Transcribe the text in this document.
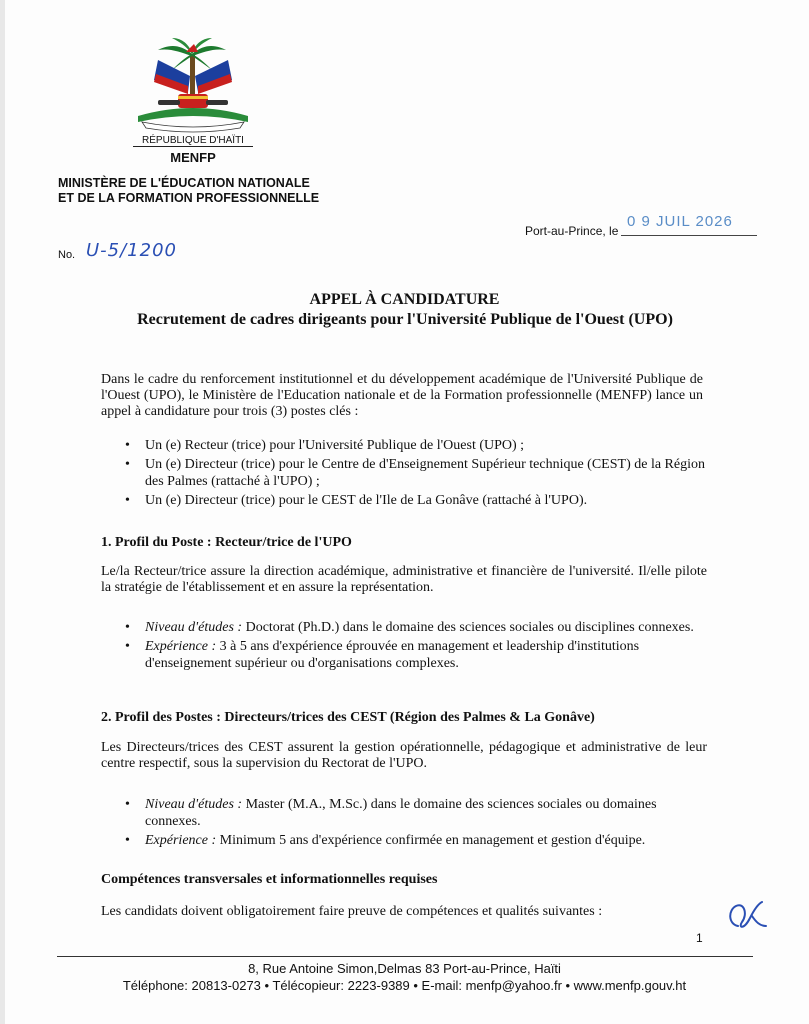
RÉPUBLIQUE D'HAÏTI
MENFP
MINISTÈRE DE L'ÉDUCATION NATIONALE
ET DE LA FORMATION PROFESSIONNELLE
Port-au-Prince, le
0 9 JUIL 2026
No. U-5/1200
APPEL À CANDIDATURE
Recrutement de cadres dirigeants pour l'Université Publique de l'Ouest (UPO)
Dans le cadre du renforcement institutionnel et du développement académique de l'Université Publique de l'Ouest (UPO), le Ministère de l'Education nationale et de la Formation professionnelle (MENFP) lance un appel à candidature pour trois (3) postes clés :
• Un (e) Recteur (trice) pour l'Université Publique de l'Ouest (UPO) ;
• Un (e) Directeur (trice) pour le Centre de d'Enseignement Supérieur technique (CEST) de la Région des Palmes (rattaché à l'UPO) ;
• Un (e) Directeur (trice) pour le CEST de l'Ile de La Gonâve (rattaché à l'UPO).
1. Profil du Poste : Recteur/trice de l'UPO
Le/la Recteur/trice assure la direction académique, administrative et financière de l'université. Il/elle pilote la stratégie de l'établissement et en assure la représentation.
• Niveau d'études : Doctorat (Ph.D.) dans le domaine des sciences sociales ou disciplines connexes.
• Expérience : 3 à 5 ans d'expérience éprouvée en management et leadership d'institutions d'enseignement supérieur ou d'organisations complexes.
2. Profil des Postes : Directeurs/trices des CEST (Région des Palmes & La Gonâve)
Les Directeurs/trices des CEST assurent la gestion opérationnelle, pédagogique et administrative de leur centre respectif, sous la supervision du Rectorat de l'UPO.
• Niveau d'études : Master (M.A., M.Sc.) dans le domaine des sciences sociales ou domaines connexes.
• Expérience : Minimum 5 ans d'expérience confirmée en management et gestion d'équipe.
Compétences transversales et informationnelles requises
Les candidats doivent obligatoirement faire preuve de compétences et qualités suivantes :
1
8, Rue Antoine Simon,Delmas 83 Port-au-Prince, Haïti
Téléphone: 20813-0273 • Télécopieur: 2223-9389 • E-mail: menfp@yahoo.fr • www.menfp.gouv.ht
